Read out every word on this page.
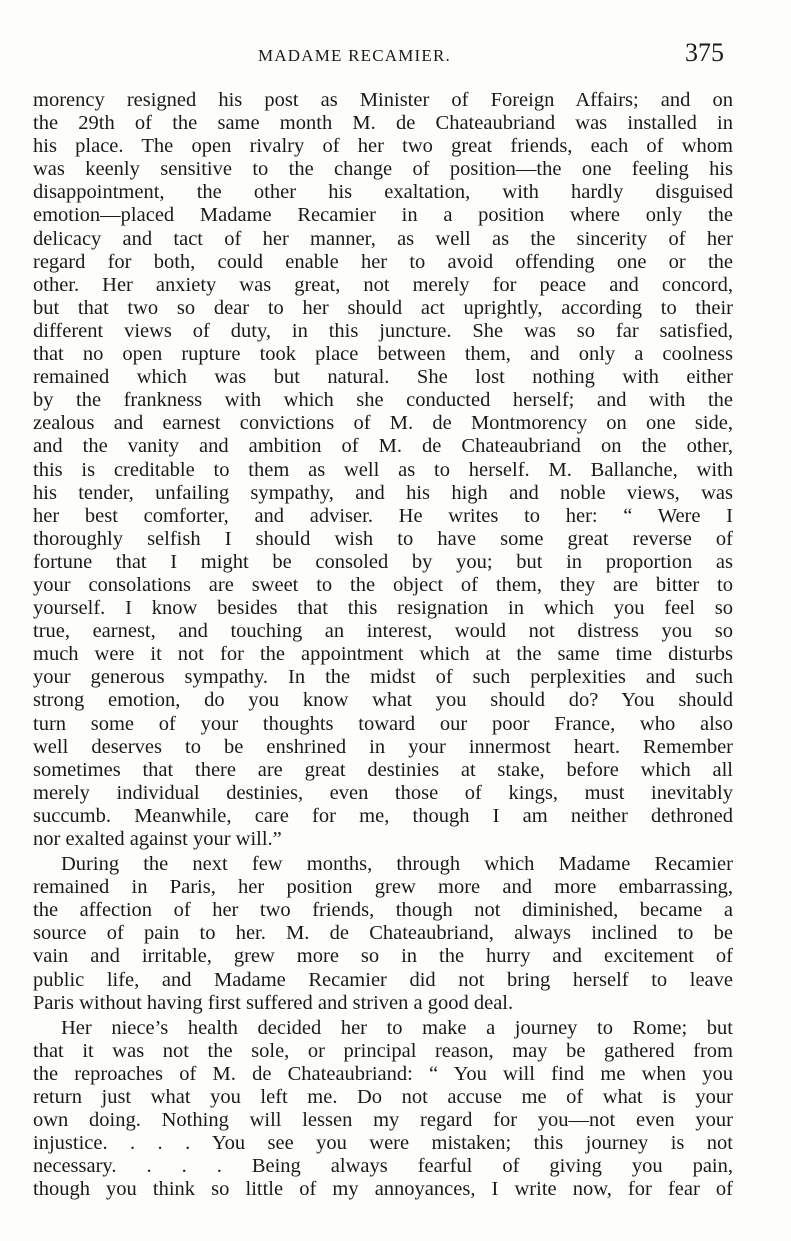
MADAME RECAMIER.	375
morency resigned his post as Minister of Foreign Affairs; and on
the 29th of the same month M. de Chateaubriand was installed in
his place. The open rivalry of her two great friends, each of whom
was keenly sensitive to the change of position—the one feeling his
disappointment, the other his exaltation, with hardly disguised
emotion—placed Madame Recamier in a position where only the
delicacy and tact of her manner, as well as the sincerity of her
regard for both, could enable her to avoid offending one or the
other. Her anxiety was great, not merely for peace and concord,
but that two so dear to her should act uprightly, according to their
different views of duty, in this juncture. She was so far satisfied,
that no open rupture took place between them, and only a coolness
remained which was but natural. She lost nothing with either
by the frankness with which she conducted herself; and with the
zealous and earnest convictions of M. de Montmorency on one side,
and the vanity and ambition of M. de Chateaubriand on the other,
this is creditable to them as well as to herself. M. Ballanche, with
his tender, unfailing sympathy, and his high and noble views, was
her best comforter, and adviser. He writes to her: “ Were I
thoroughly selfish I should wish to have some great reverse of
fortune that I might be consoled by you; but in proportion as
your consolations are sweet to the object of them, they are bitter to
yourself. I know besides that this resignation in which you feel so
true, earnest, and touching an interest, would not distress you so
much were it not for the appointment which at the same time disturbs
your generous sympathy. In the midst of such perplexities and such
strong emotion, do you know what you should do? You should
turn some of your thoughts toward our poor France, who also
well deserves to be enshrined in your innermost heart. Remember
sometimes that there are great destinies at stake, before which all
merely individual destinies, even those of kings, must inevitably
succumb. Meanwhile, care for me, though I am neither dethroned
nor exalted against your will.”
During the next few months, through which Madame Recamier
remained in Paris, her position grew more and more embarrassing,
the affection of her two friends, though not diminished, became a
source of pain to her. M. de Chateaubriand, always inclined to be
vain and irritable, grew more so in the hurry and excitement of
public life, and Madame Recamier did not bring herself to leave
Paris without having first suffered and striven a good deal.
Her niece’s health decided her to make a journey to Rome; but
that it was not the sole, or principal reason, may be gathered from
the reproaches of M. de Chateaubriand: “ You will find me when you
return just what you left me. Do not accuse me of what is your
own doing. Nothing will lessen my regard for you—not even your
injustice. . . . You see you were mistaken; this journey is not
necessary. . . . Being always fearful of giving you pain,
though you think so little of my annoyances, I write now, for fear of
